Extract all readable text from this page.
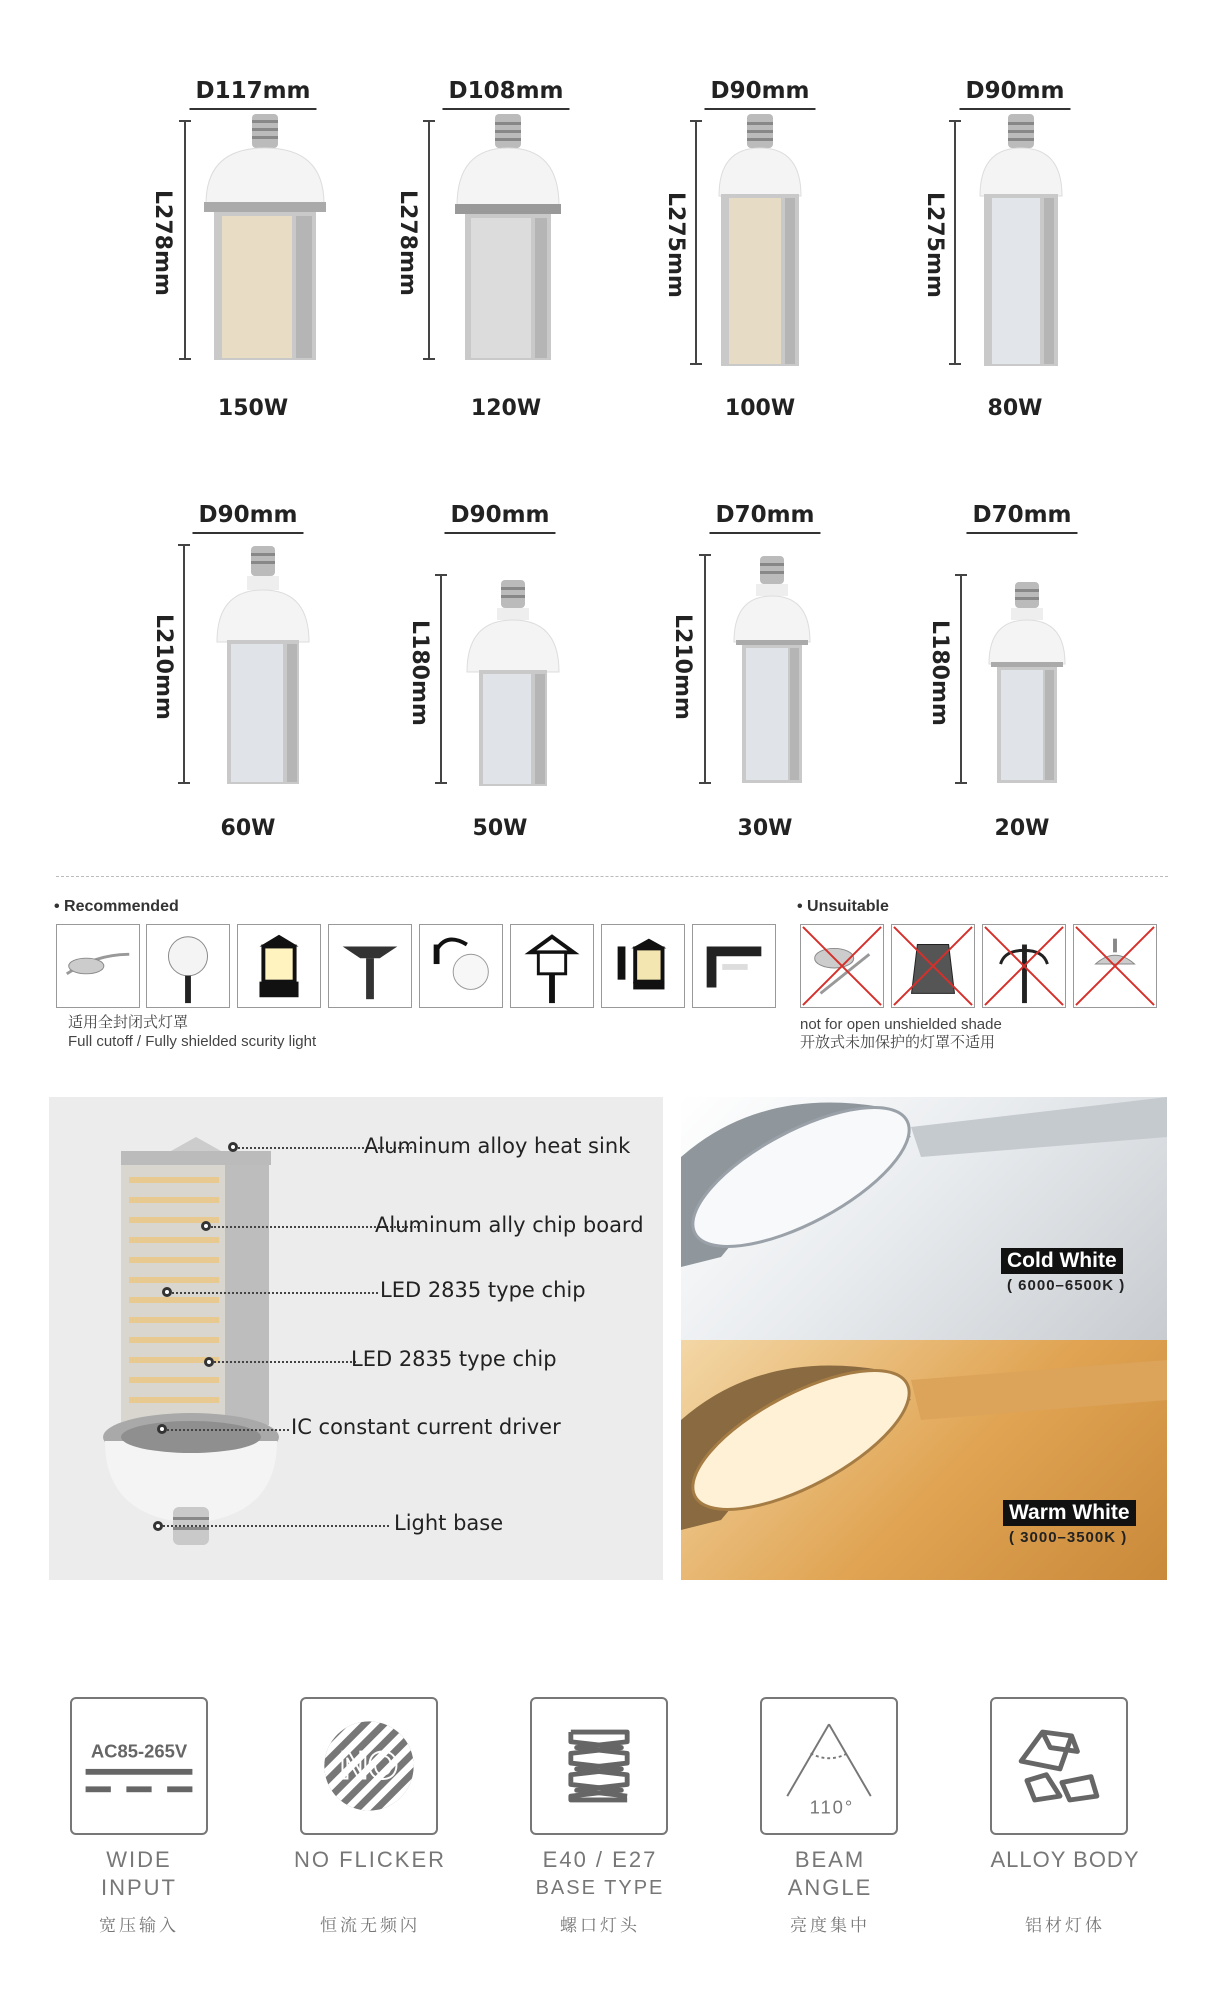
D117mm
L278mm
150W
D108mm
L278mm
120W
D90mm
L275mm
100W
D90mm
L275mm
80W
D90mm
L210mm
60W
D90mm
L180mm
50W
D70mm
L210mm
30W
D70mm
L180mm
20W
• Recommended
适用全封闭式灯罩
Full cutoff / Fully shielded scurity light
• Unsuitable
not for open unshielded shade
开放式未加保护的灯罩不适用
Aluminum alloy heat sink
Aluminum ally chip board
LED 2835 type chip
LED 2835 type chip
IC constant current driver
Light base
Cold White
( 6000–6500K )
Warm White
( 3000–3500K )
AC85-265V
WIDE
INPUT
宽压输入
NO
NO FLICKER
恒流无频闪
E40 / E27
BASE TYPE
螺口灯头
110°
BEAM
ANGLE
亮度集中
ALLOY BODY
铝材灯体
